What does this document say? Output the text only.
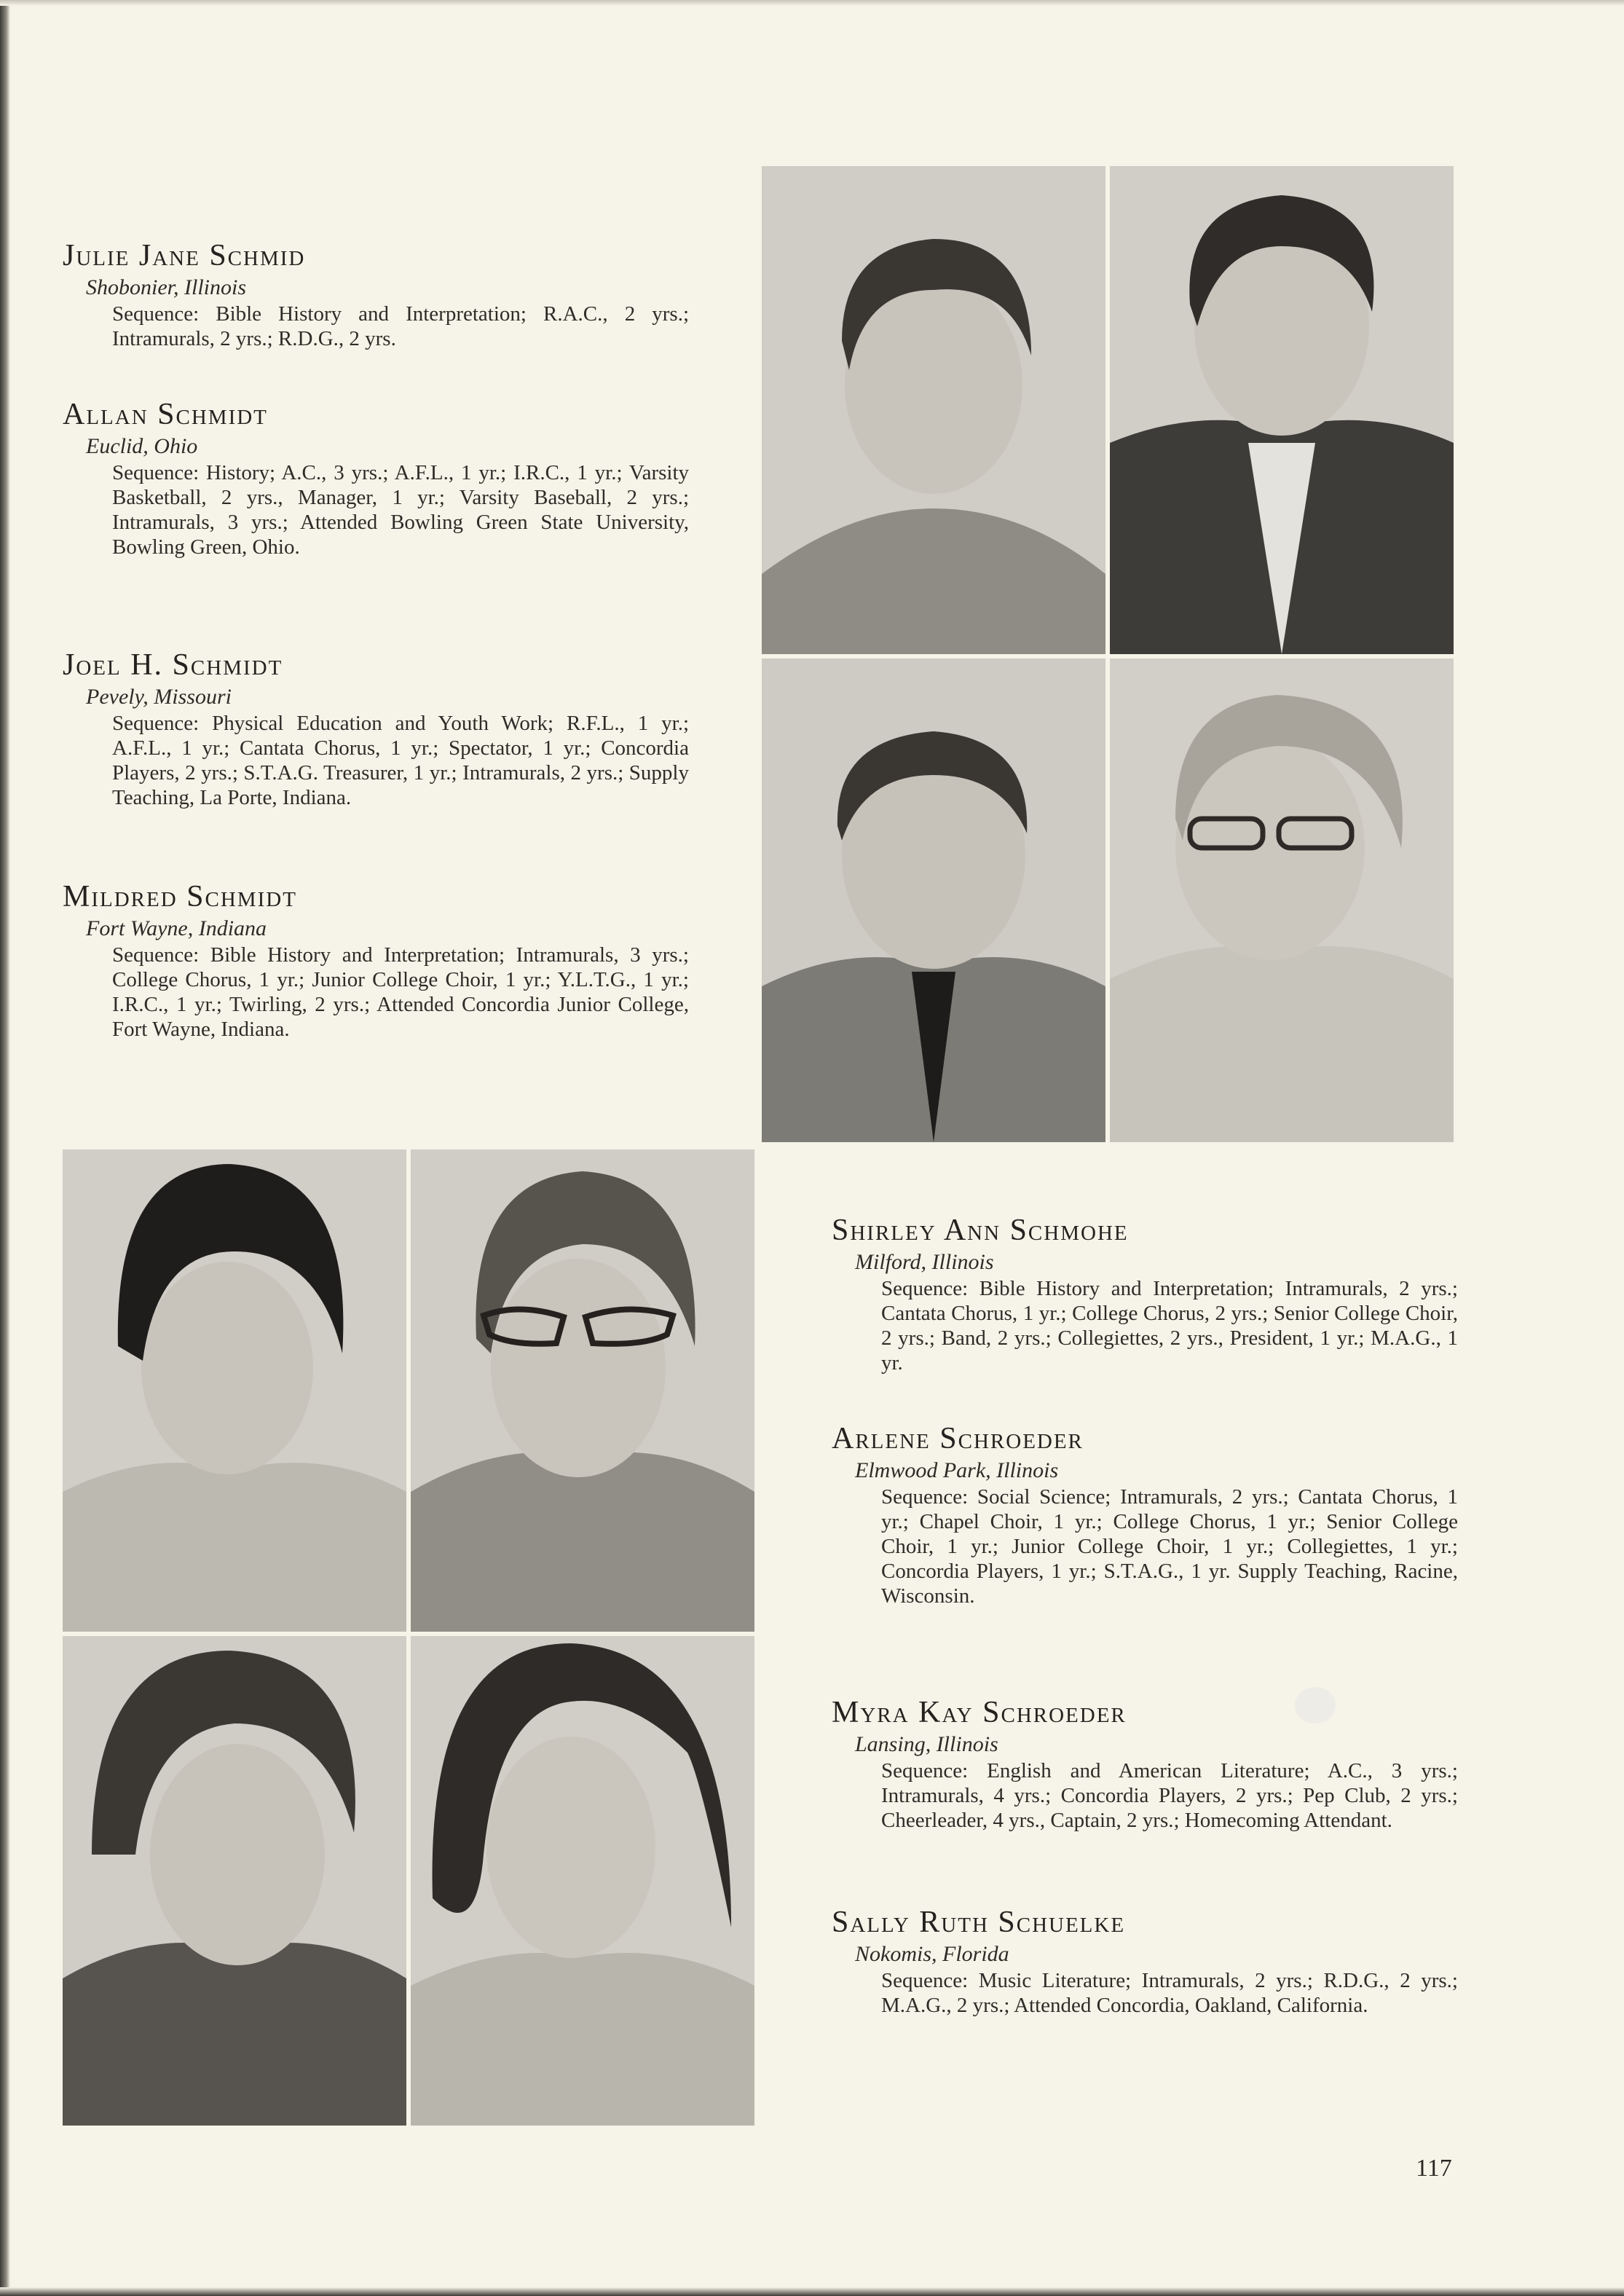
Julie Jane Schmid
Shobonier, Illinois
Sequence: Bible History and Interpretation; R.A.C., 2 yrs.; Intramurals, 2 yrs.; R.D.G., 2 yrs.
Allan Schmidt
Euclid, Ohio
Sequence: History; A.C., 3 yrs.; A.F.L., 1 yr.; I.R.C., 1 yr.; Varsity Basketball, 2 yrs., Manager, 1 yr.; Varsity Baseball, 2 yrs.; Intramurals, 3 yrs.; Attended Bowling Green State University, Bowling Green, Ohio.
Joel H. Schmidt
Pevely, Missouri
Sequence: Physical Education and Youth Work; R.F.L., 1 yr.; A.F.L., 1 yr.; Cantata Chorus, 1 yr.; Spectator, 1 yr.; Concordia Players, 2 yrs.; S.T.A.G. Treasurer, 1 yr.; Intramurals, 2 yrs.; Supply Teaching, La Porte, Indiana.
Mildred Schmidt
Fort Wayne, Indiana
Sequence: Bible History and Interpretation; Intramurals, 3 yrs.; College Chorus, 1 yr.; Junior College Choir, 1 yr.; Y.L.T.G., 1 yr.; I.R.C., 1 yr.; Twirling, 2 yrs.; Attended Concordia Junior College, Fort Wayne, Indiana.
Shirley Ann Schmohe
Milford, Illinois
Sequence: Bible History and Interpretation; Intramurals, 2 yrs.; Cantata Chorus, 1 yr.; College Chorus, 2 yrs.; Senior College Choir, 2 yrs.; Band, 2 yrs.; Collegiettes, 2 yrs., President, 1 yr.; M.A.G., 1 yr.
Arlene Schroeder
Elmwood Park, Illinois
Sequence: Social Science; Intramurals, 2 yrs.; Cantata Chorus, 1 yr.; Chapel Choir, 1 yr.; College Chorus, 1 yr.; Senior College Choir, 1 yr.; Junior College Choir, 1 yr.; Collegiettes, 1 yr.; Concordia Players, 1 yr.; S.T.A.G., 1 yr. Supply Teaching, Racine, Wisconsin.
Myra Kay Schroeder
Lansing, Illinois
Sequence: English and American Literature; A.C., 3 yrs.; Intramurals, 4 yrs.; Concordia Players, 2 yrs.; Pep Club, 2 yrs.; Cheerleader, 4 yrs., Captain, 2 yrs.; Homecoming Attendant.
Sally Ruth Schuelke
Nokomis, Florida
Sequence: Music Literature; Intramurals, 2 yrs.; R.D.G., 2 yrs.; M.A.G., 2 yrs.; Attended Concordia, Oakland, California.
117
